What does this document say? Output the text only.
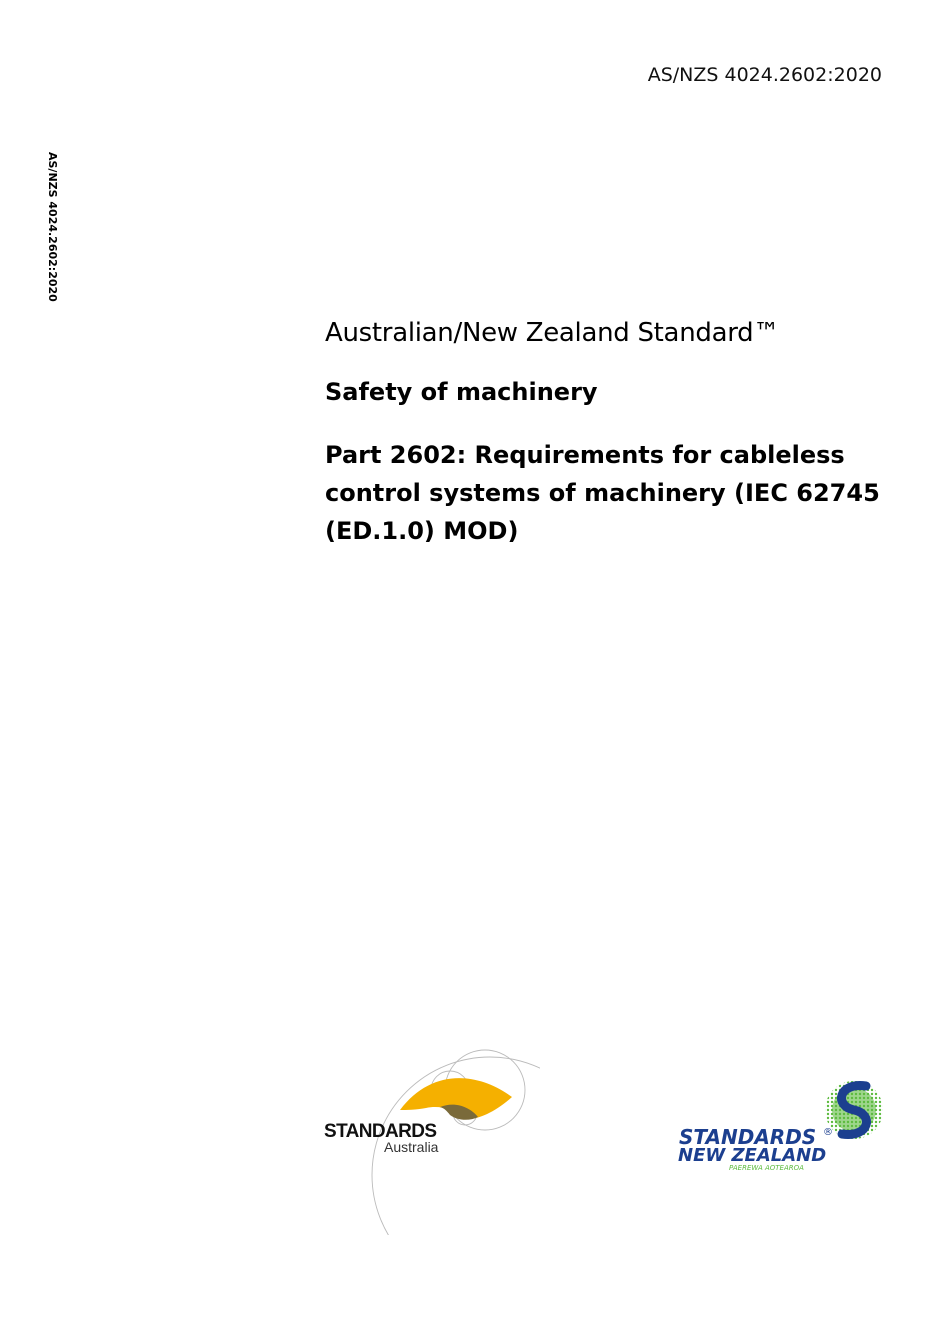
AS/NZS 4024.2602:2020
AS/NZS 4024.2602:2020
Australian/New Zealand Standard™
Safety of machinery
Part 2602: Requirements for cableless control systems of machinery (IEC 62745 (ED.1.0) MOD)
STANDARDS
Australia	STANDARDS ®
NEW ZEALAND
PAEREWA AOTEAROA
